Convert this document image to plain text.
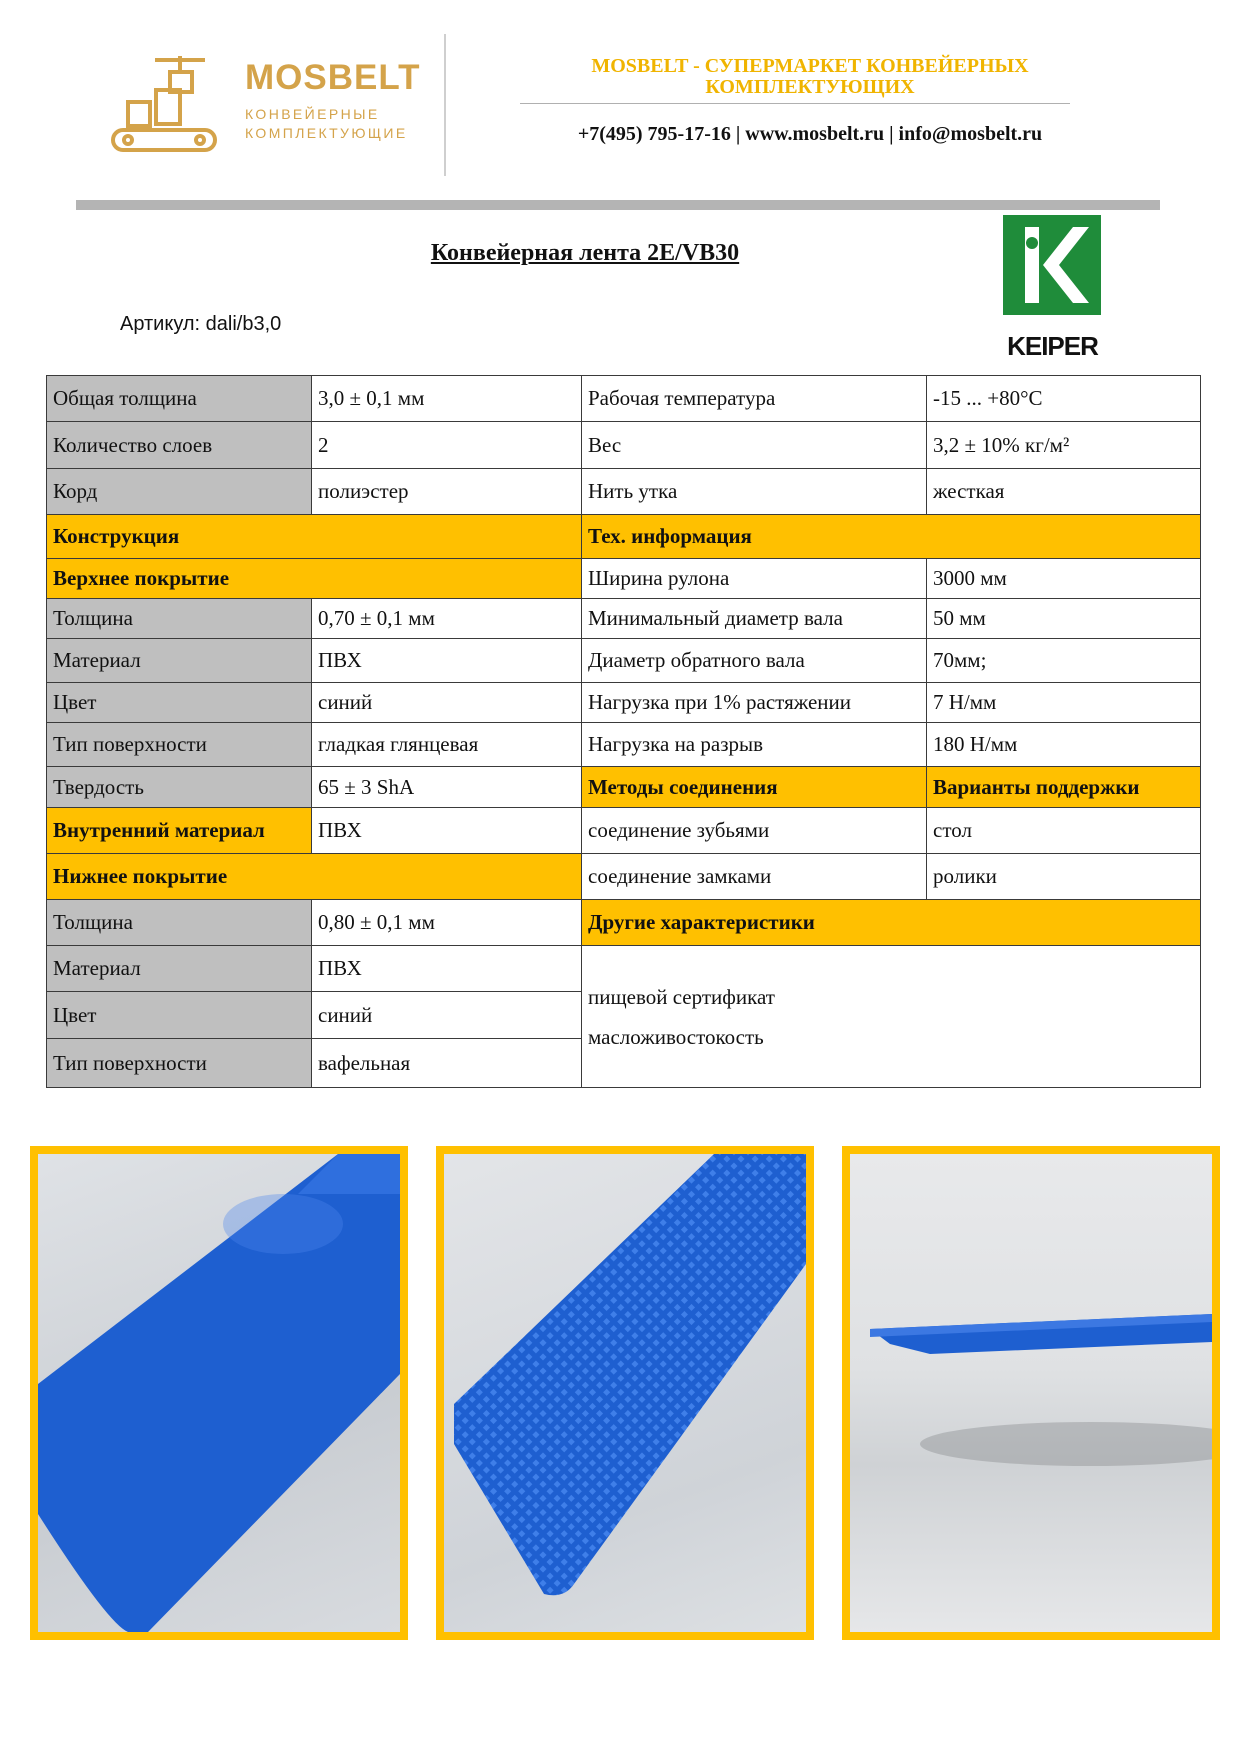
MOSBELT
КОНВЕЙЕРНЫЕ
КОМПЛЕКТУЮЩИЕ
MOSBELT - СУПЕРМАРКЕТ КОНВЕЙЕРНЫХ
КОМПЛЕКТУЮЩИХ
+7(495) 795-17-16 | www.mosbelt.ru | info@mosbelt.ru
Конвейерная лента 2E/VB30
Артикул: dali/b3,0
KEIPER
Общая толщина	3,0 ± 0,1 мм	Рабочая температура	-15 ... +80°C
Количество слоев	2	Вес	3,2 ± 10% кг/м²
Корд	полиэстер	Нить утка	жесткая
Конструкция		Тех. информация	
Верхнее покрытие		Ширина рулона	3000 мм
Толщина	0,70 ± 0,1 мм	Минимальный диаметр вала	50 мм
Материал	ПВХ	Диаметр обратного вала	70мм;
Цвет	синий	Нагрузка при 1% растяжении	7 Н/мм
Тип поверхности	гладкая глянцевая	Нагрузка на разрыв	180 Н/мм
Твердость	65 ± 3 ShA	Методы соединения	Варианты поддержки
Внутренний материал	ПВХ	соединение зубьями	стол
Нижнее покрытие		соединение замками	ролики
Толщина	0,80 ± 0,1 мм	Другие характеристики	
Материал	ПВХ	пищевой сертификат
масложивостокость	

Цвет	синий		
Тип поверхности	вафельная		
